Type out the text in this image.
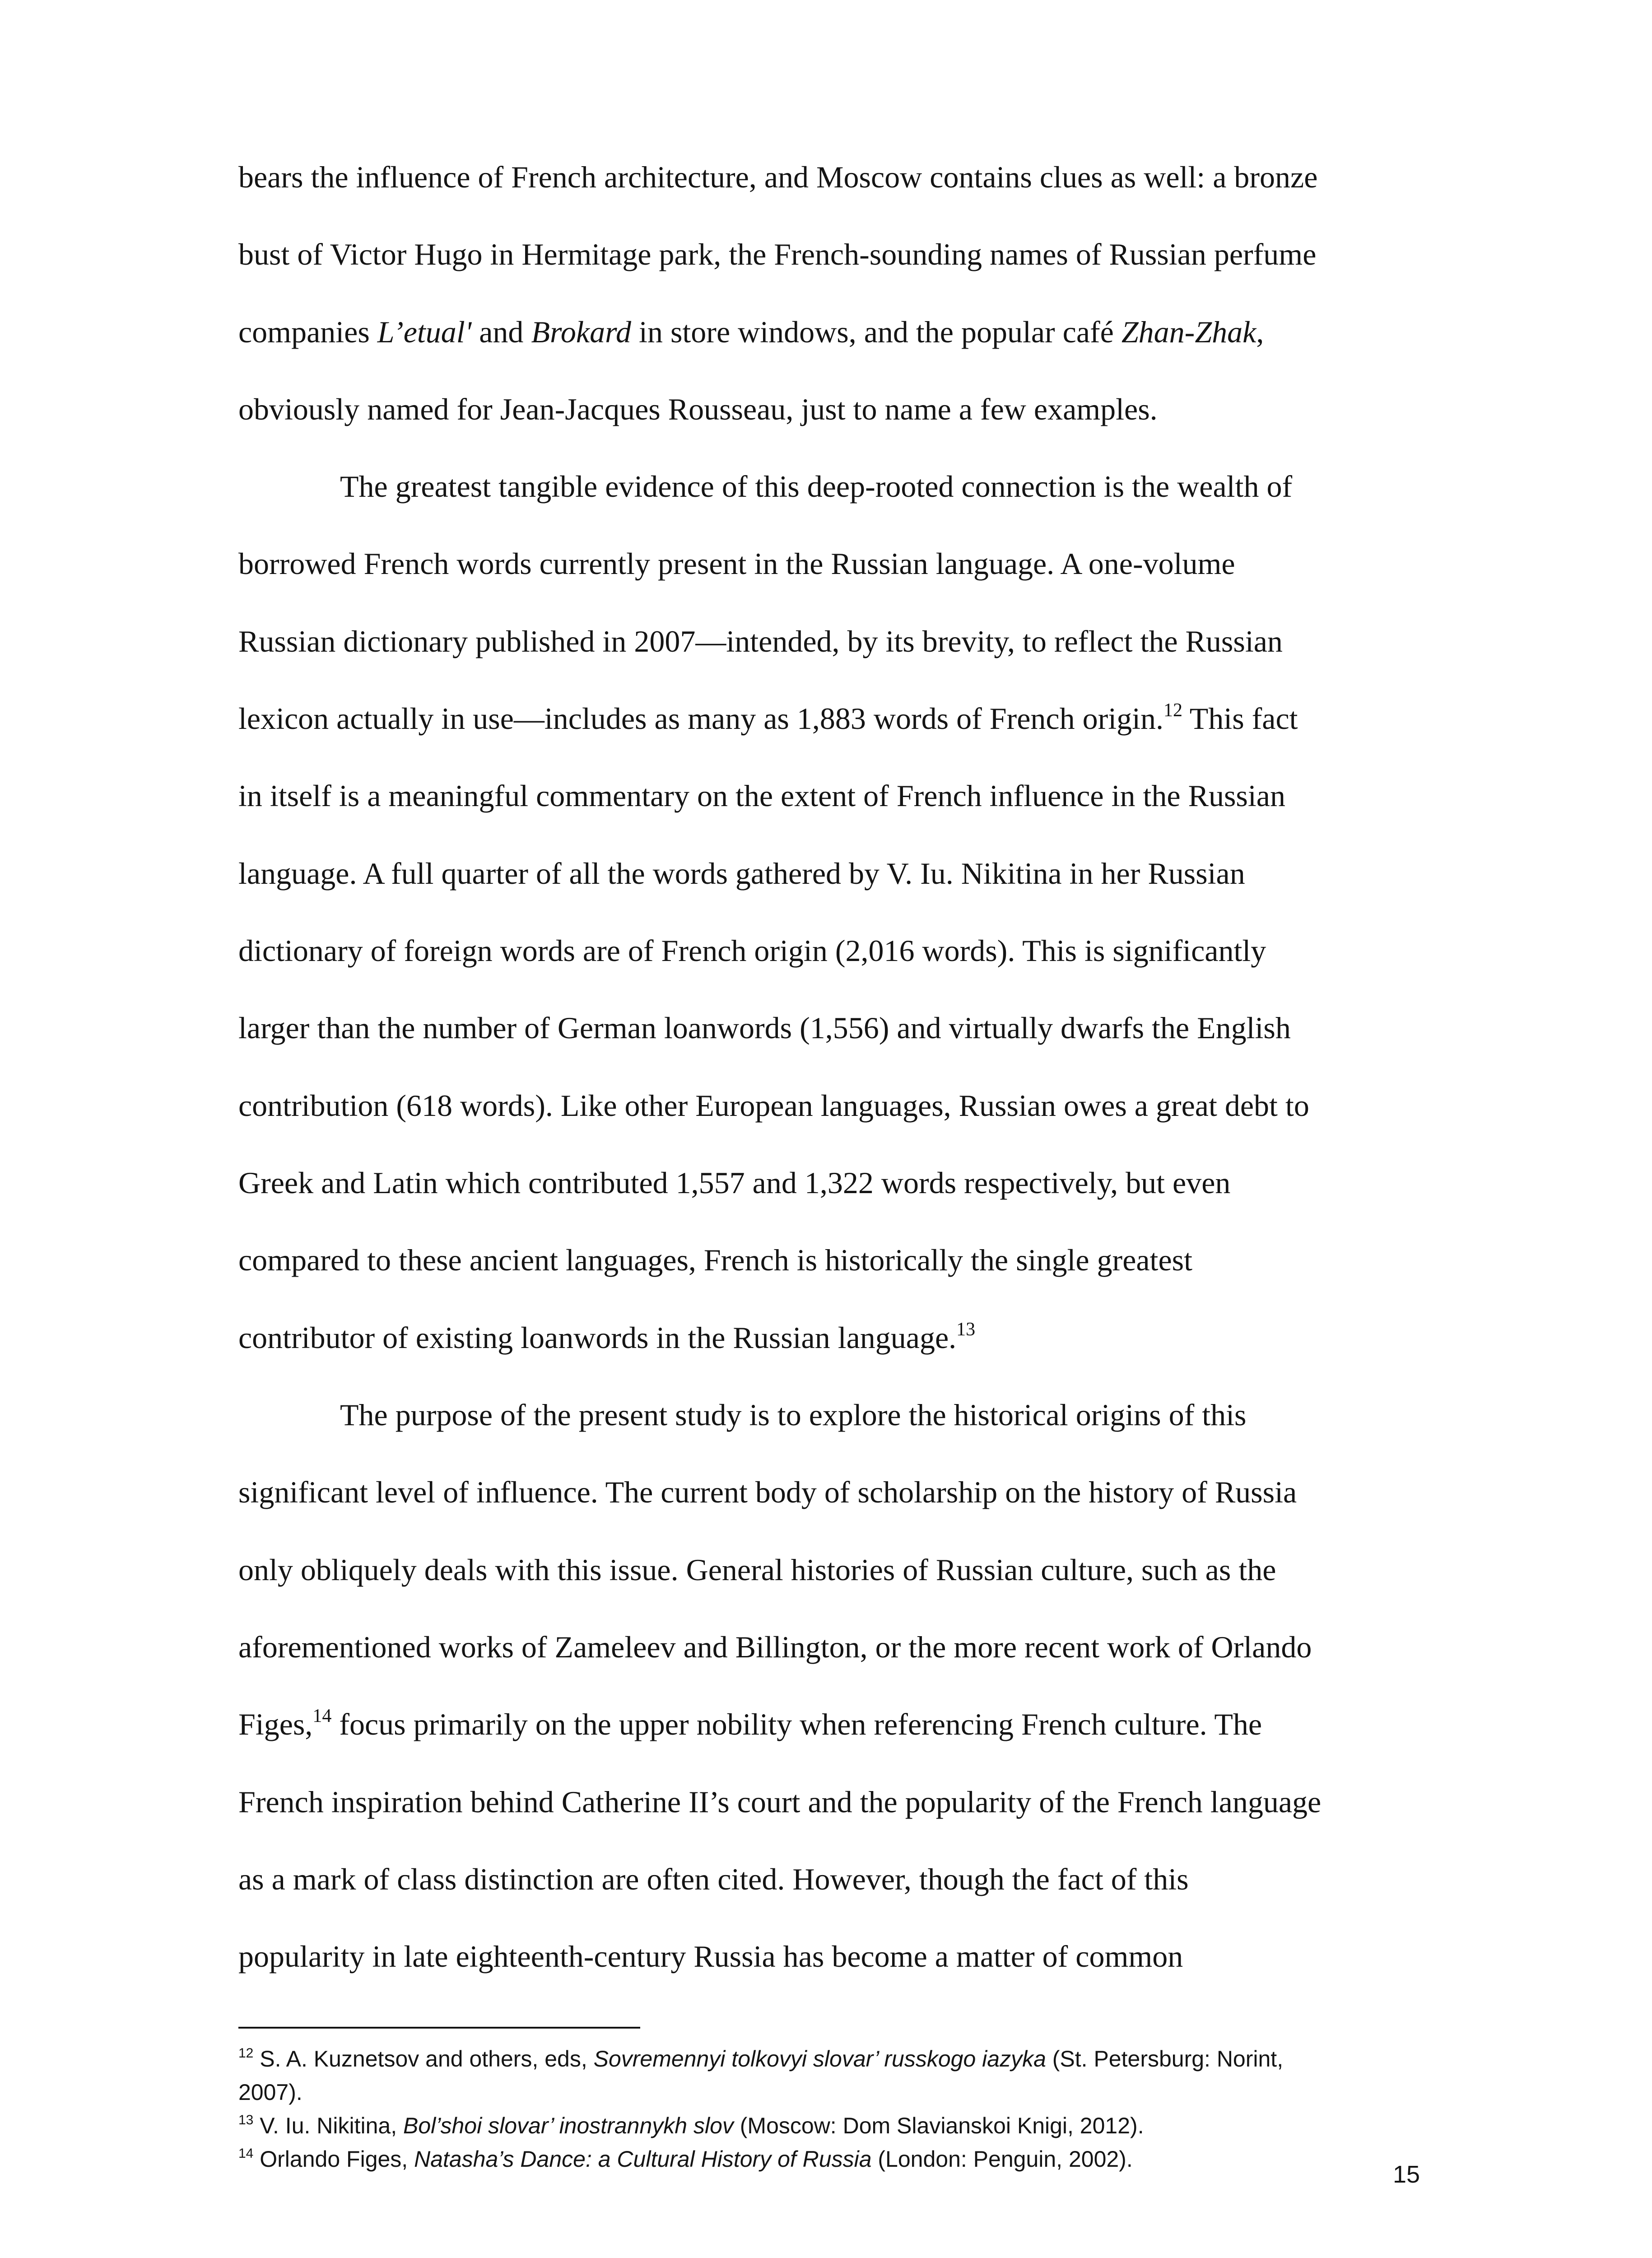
bears the influence of French architecture, and Moscow contains clues as well: a bronze
bust of Victor Hugo in Hermitage park, the French-sounding names of Russian perfume
companies L’etual' and Brokard in store windows, and the popular café Zhan-Zhak,
obviously named for Jean-Jacques Rousseau, just to name a few examples.
The greatest tangible evidence of this deep-rooted connection is the wealth of
borrowed French words currently present in the Russian language. A one-volume
Russian dictionary published in 2007—intended, by its brevity, to reflect the Russian
lexicon actually in use—includes as many as 1,883 words of French origin.$^{12}$ This fact
in itself is a meaningful commentary on the extent of French influence in the Russian
language. A full quarter of all the words gathered by V. Iu. Nikitina in her Russian
dictionary of foreign words are of French origin (2,016 words). This is significantly
larger than the number of German loanwords (1,556) and virtually dwarfs the English
contribution (618 words). Like other European languages, Russian owes a great debt to
Greek and Latin which contributed 1,557 and 1,322 words respectively, but even
compared to these ancient languages, French is historically the single greatest
contributor of existing loanwords in the Russian language.$^{13}$
The purpose of the present study is to explore the historical origins of this
significant level of influence. The current body of scholarship on the history of Russia
only obliquely deals with this issue. General histories of Russian culture, such as the
aforementioned works of Zameleev and Billington, or the more recent work of Orlando
Figes,$^{14}$ focus primarily on the upper nobility when referencing French culture. The
French inspiration behind Catherine II’s court and the popularity of the French language
as a mark of class distinction are often cited. However, though the fact of this
popularity in late eighteenth-century Russia has become a matter of common
$^{12}$ S. A. Kuznetsov and others, eds, Sovremennyi tolkovyi slovar’ russkogo iazyka (St. Petersburg: Norint,
2007).
$^{13}$ V. Iu. Nikitina, Bol’shoi slovar’ inostrannykh slov (Moscow: Dom Slavianskoi Knigi, 2012).
$^{14}$ Orlando Figes, Natasha’s Dance: a Cultural History of Russia (London: Penguin, 2002).
15
